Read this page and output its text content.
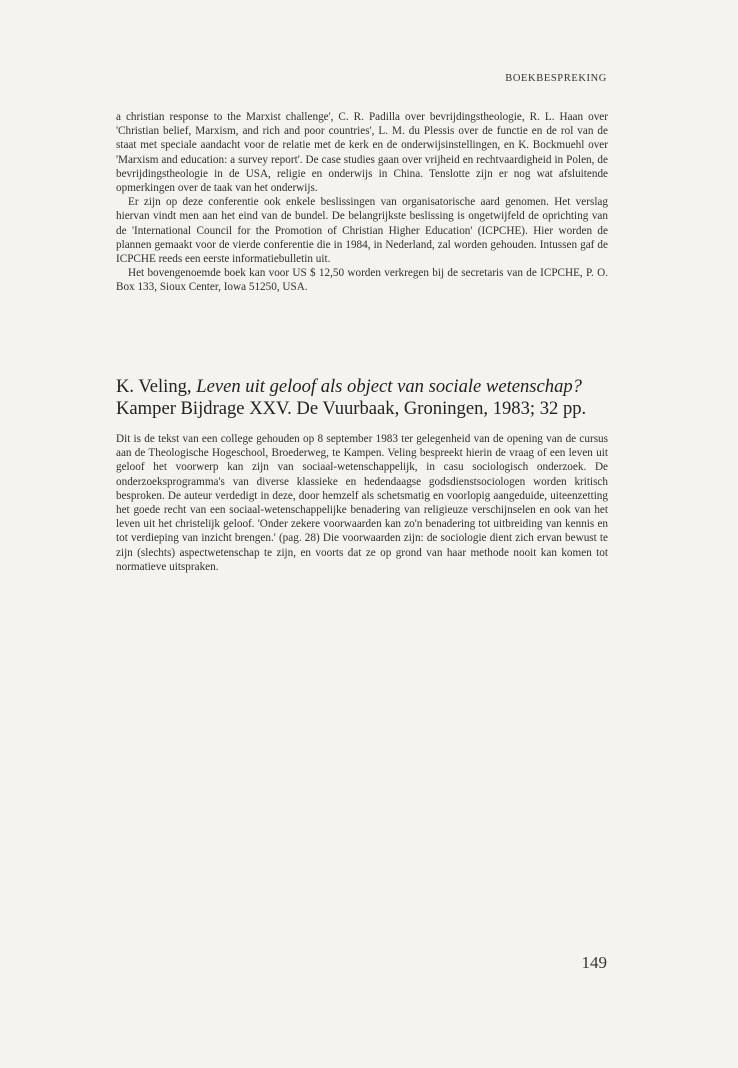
BOEKBESPREKING

a christian response to the Marxist challenge', C. R. Padilla over bevrijdingstheologie, R. L. Haan over 'Christian belief, Marxism, and rich and poor countries', L. M. du Plessis over de functie en de rol van de staat met speciale aandacht voor de relatie met de kerk en de onderwijsinstellingen, en K. Bockmuehl over 'Marxism and education: a survey report'. De case studies gaan over vrijheid en rechtvaardigheid in Polen, de bevrijdingstheologie in de USA, religie en onderwijs in China. Tenslotte zijn er nog wat afsluitende opmerkingen over de taak van het onderwijs.

Er zijn op deze conferentie ook enkele beslissingen van organisatorische aard genomen. Het verslag hiervan vindt men aan het eind van de bundel. De belangrijkste beslissing is ongetwijfeld de oprichting van de 'International Council for the Promotion of Christian Higher Education' (ICPCHE). Hier worden de plannen gemaakt voor de vierde conferentie die in 1984, in Nederland, zal worden gehouden. Intussen gaf de ICPCHE reeds een eerste informatiebulletin uit.

Het bovengenoemde boek kan voor US $ 12,50 worden verkregen bij de secretaris van de ICPCHE, P. O. Box 133, Sioux Center, Iowa 51250, USA.

K. Veling, Leven uit geloof als object van sociale wetenschap? Kamper Bijdrage XXV. De Vuurbaak, Groningen, 1983; 32 pp.

Dit is de tekst van een college gehouden op 8 september 1983 ter gelegenheid van de opening van de cursus aan de Theologische Hogeschool, Broederweg, te Kampen. Veling bespreekt hierin de vraag of een leven uit geloof het voorwerp kan zijn van sociaal-wetenschappelijk, in casu sociologisch onderzoek. De onderzoeksprogramma's van diverse klassieke en hedendaagse godsdienstsociologen worden kritisch besproken. De auteur verdedigt in deze, door hemzelf als schetsmatig en voorlopig aangeduide, uiteenzetting het goede recht van een sociaal-wetenschappelijke benadering van religieuze verschijnselen en ook van het leven uit het christelijk geloof. 'Onder zekere voorwaarden kan zo'n benadering tot uitbreiding van kennis en tot verdieping van inzicht brengen.' (pag. 28) Die voorwaarden zijn: de sociologie dient zich ervan bewust te zijn (slechts) aspectwetenschap te zijn, en voorts dat ze op grond van haar methode nooit kan komen tot normatieve uitspraken.

149
